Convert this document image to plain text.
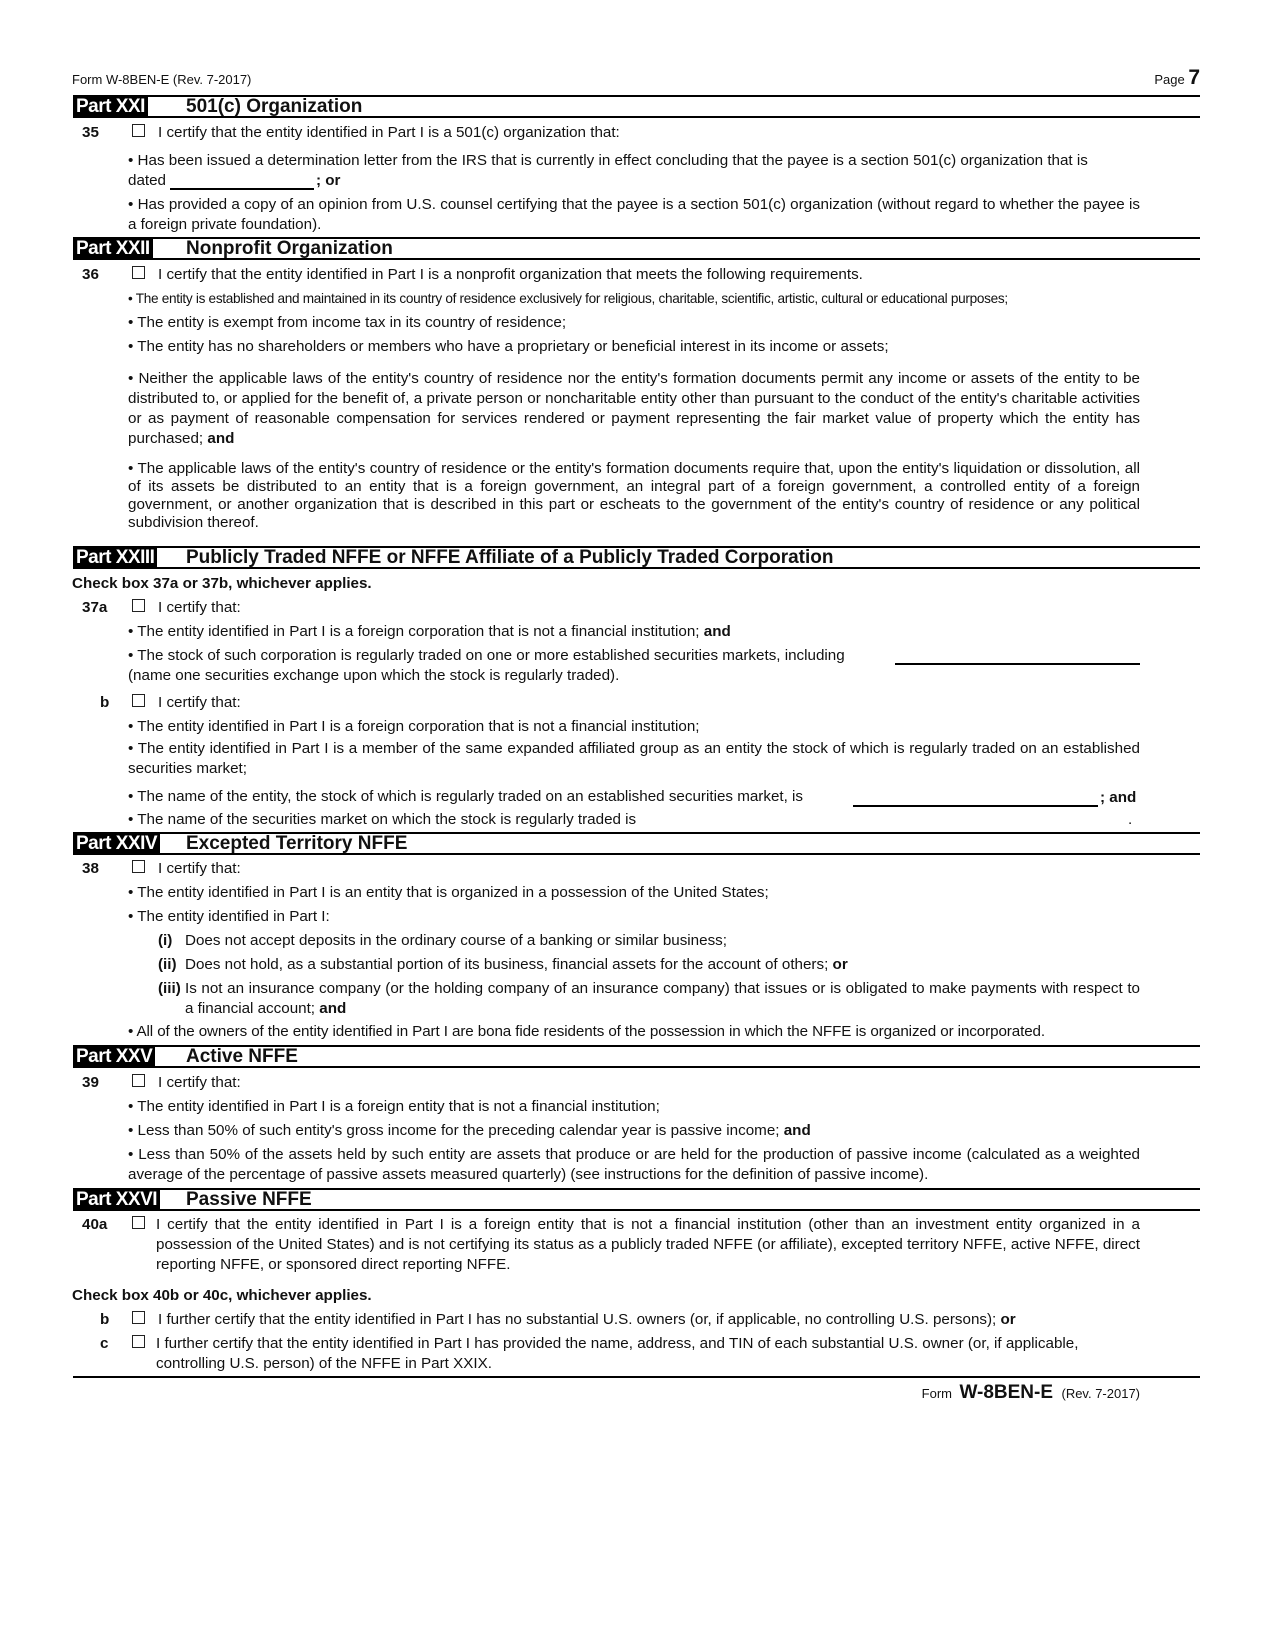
Form W-8BEN-E (Rev. 7-2017)	Page 7
Part XXI 501(c) Organization
35	I certify that the entity identified in Part I is a 501(c) organization that:
• Has been issued a determination letter from the IRS that is currently in effect concluding that the payee is a section 501(c) organization that is
dated	; or
• Has provided a copy of an opinion from U.S. counsel certifying that the payee is a section 501(c) organization (without regard to whether the payee is a foreign private foundation).
Part XXII Nonprofit Organization
36	I certify that the entity identified in Part I is a nonprofit organization that meets the following requirements.
• The entity is established and maintained in its country of residence exclusively for religious, charitable, scientific, artistic, cultural or educational purposes;
• The entity is exempt from income tax in its country of residence;
• The entity has no shareholders or members who have a proprietary or beneficial interest in its income or assets;
• Neither the applicable laws of the entity's country of residence nor the entity's formation documents permit any income or assets of the entity to be distributed to, or applied for the benefit of, a private person or noncharitable entity other than pursuant to the conduct of the entity's charitable activities or as payment of reasonable compensation for services rendered or payment representing the fair market value of property which the entity has purchased; and
• The applicable laws of the entity's country of residence or the entity's formation documents require that, upon the entity's liquidation or dissolution, all of its assets be distributed to an entity that is a foreign government, an integral part of a foreign government, a controlled entity of a foreign government, or another organization that is described in this part or escheats to the government of the entity's country of residence or any political subdivision thereof.
Part XXIII Publicly Traded NFFE or NFFE Affiliate of a Publicly Traded Corporation
Check box 37a or 37b, whichever applies.
37a	I certify that:
• The entity identified in Part I is a foreign corporation that is not a financial institution; and
• The stock of such corporation is regularly traded on one or more established securities markets, including
(name one securities exchange upon which the stock is regularly traded).
b	I certify that:
• The entity identified in Part I is a foreign corporation that is not a financial institution;
• The entity identified in Part I is a member of the same expanded affiliated group as an entity the stock of which is regularly traded on an established securities market;
• The name of the entity, the stock of which is regularly traded on an established securities market, is	; and
• The name of the securities market on which the stock is regularly traded is	.
Part XXIV Excepted Territory NFFE
38	I certify that:
• The entity identified in Part I is an entity that is organized in a possession of the United States;
• The entity identified in Part I:
(i) Does not accept deposits in the ordinary course of a banking or similar business;
(ii) Does not hold, as a substantial portion of its business, financial assets for the account of others; or
(iii) Is not an insurance company (or the holding company of an insurance company) that issues or is obligated to make payments with respect to a financial account; and
• All of the owners of the entity identified in Part I are bona fide residents of the possession in which the NFFE is organized or incorporated.
Part XXV Active NFFE
39	I certify that:
• The entity identified in Part I is a foreign entity that is not a financial institution;
• Less than 50% of such entity's gross income for the preceding calendar year is passive income; and
• Less than 50% of the assets held by such entity are assets that produce or are held for the production of passive income (calculated as a weighted average of the percentage of passive assets measured quarterly) (see instructions for the definition of passive income).
Part XXVI Passive NFFE
40a	I certify that the entity identified in Part I is a foreign entity that is not a financial institution (other than an investment entity organized in a possession of the United States) and is not certifying its status as a publicly traded NFFE (or affiliate), excepted territory NFFE, active NFFE, direct reporting NFFE, or sponsored direct reporting NFFE.
Check box 40b or 40c, whichever applies.
b	I further certify that the entity identified in Part I has no substantial U.S. owners (or, if applicable, no controlling U.S. persons); or
c	I further certify that the entity identified in Part I has provided the name, address, and TIN of each substantial U.S. owner (or, if applicable, controlling U.S. person) of the NFFE in Part XXIX.
Form W-8BEN-E (Rev. 7-2017)
